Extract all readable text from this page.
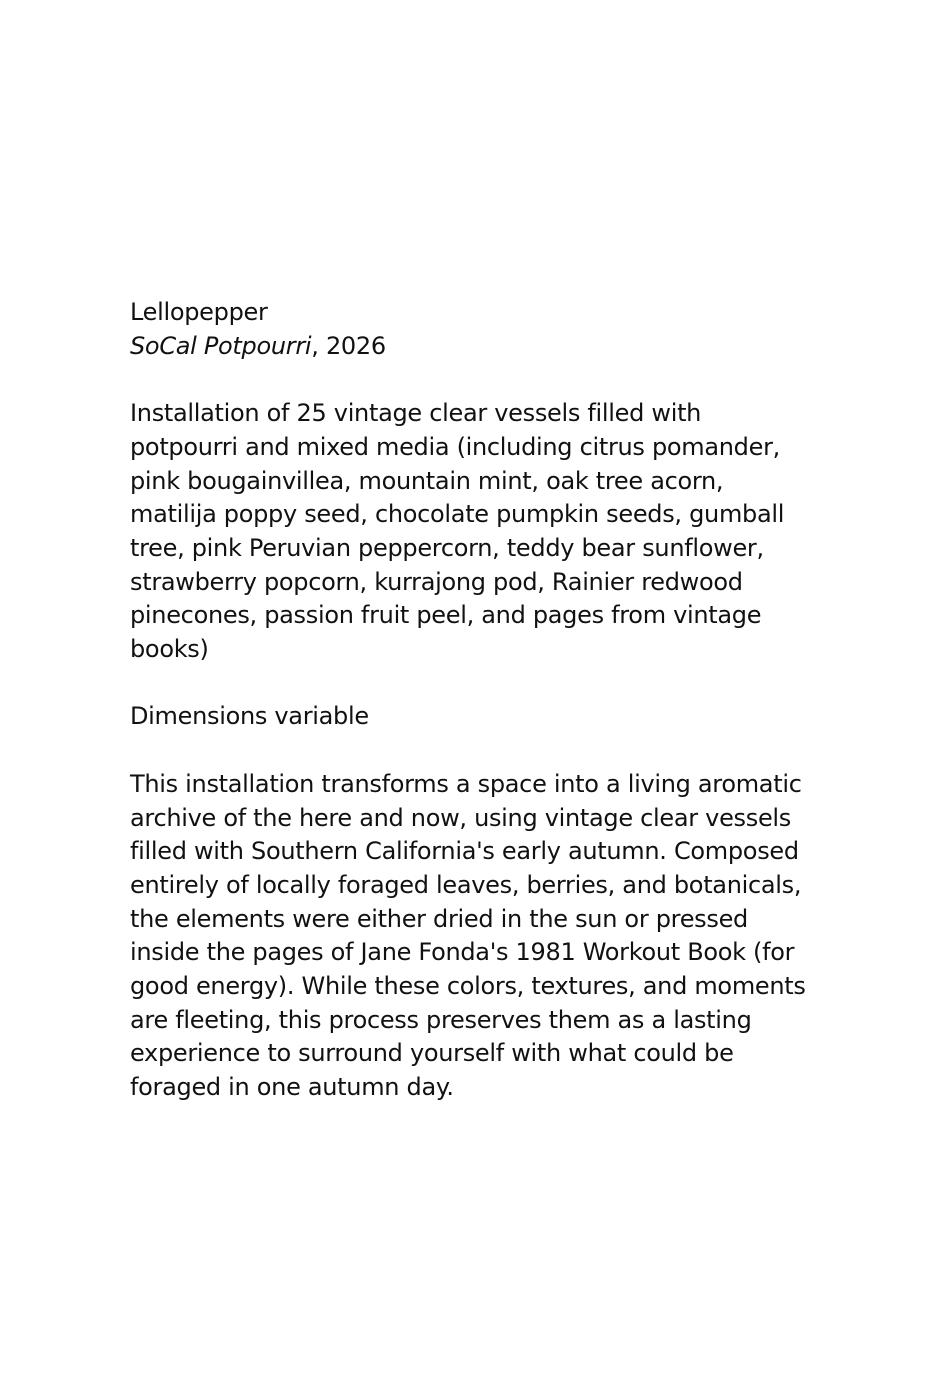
Lellopepper

SoCal Potpourri, 2026

Installation of 25 vintage clear vessels filled with potpourri and mixed media (including citrus pomander, pink bougainvillea, mountain mint, oak tree acorn, matilija poppy seed, chocolate pumpkin seeds, gumball tree, pink Peruvian peppercorn, teddy bear sunflower, strawberry popcorn, kurrajong pod, Rainier redwood pinecones, passion fruit peel, and pages from vintage books)

Dimensions variable

This installation transforms a space into a living aromatic archive of the here and now, using vintage clear vessels filled with Southern California's early autumn. Composed entirely of locally foraged leaves, berries, and botanicals, the elements were either dried in the sun or pressed inside the pages of Jane Fonda's 1981 Workout Book (for good energy). While these colors, textures, and moments are fleeting, this process preserves them as a lasting experience to surround yourself with what could be foraged in one autumn day.
